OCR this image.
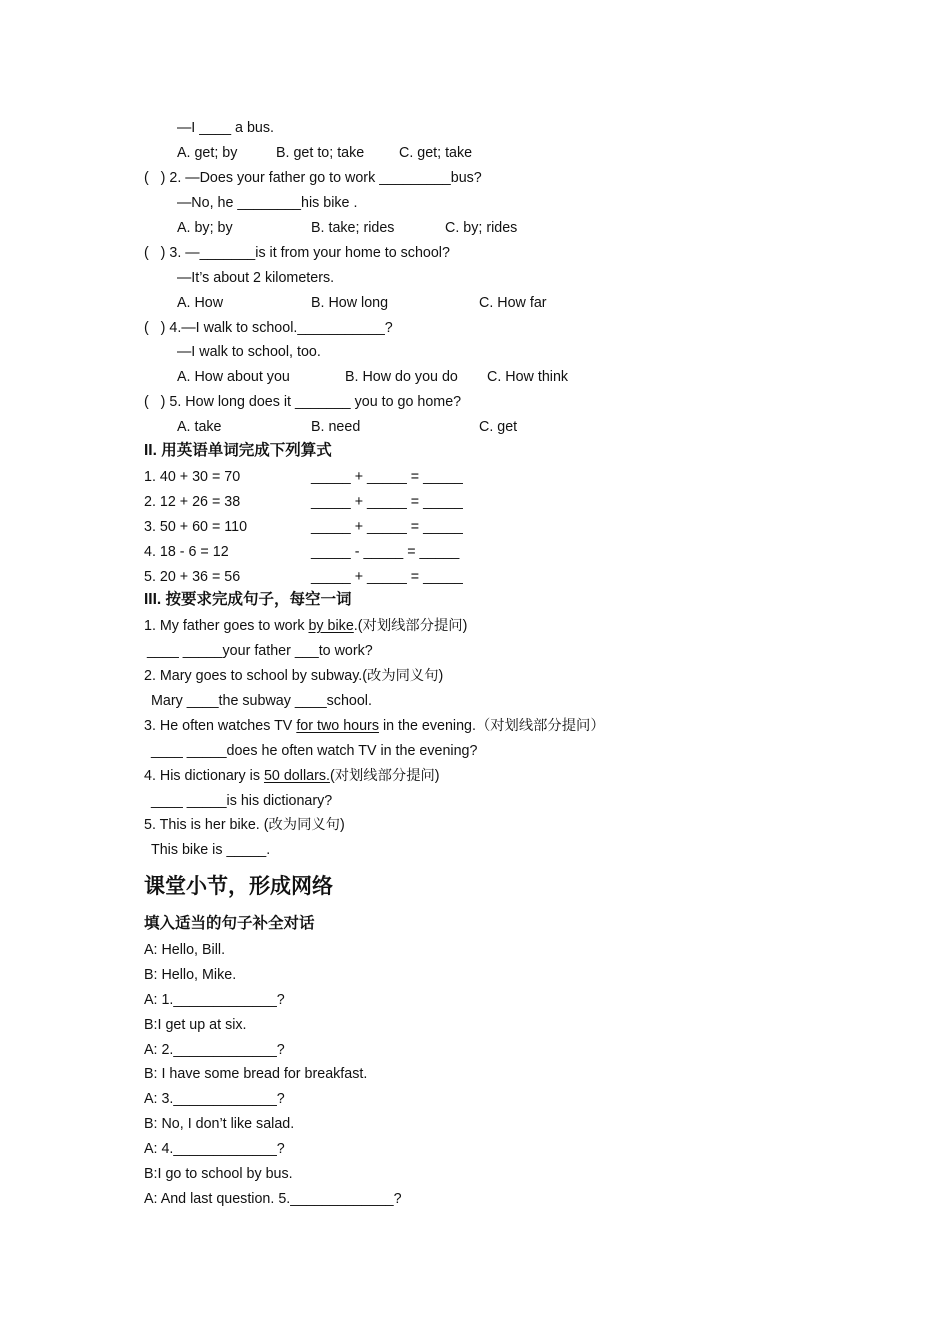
—I ____ a bus.
A. get; by	B. get to; take C. get; take
(   ) 2. —Does your father go to work _________bus?
—No, he ________his bike .
A. by; by	B. take; rides	C. by; rides
(   ) 3. —_______is it from your home to school?
—It’s about 2 kilometers.
A. How	B. How long	C. How far
(   ) 4.—I walk to school.___________?
—I walk to school, too.
A. How about you	B. How do you do C. How think
(   ) 5. How long does it _______ you to go home?
A. take	B. need	C. get
II. 用英语单词完成下列算式
1. 40 + 30 = 70	_____ + _____ = _____
2. 12 + 26 = 38	_____ + _____ = _____
3. 50 + 60 = 110	_____ + _____ = _____
4. 18 - 6 = 12	_____ - _____ = _____
5. 20 + 36 = 56	_____ + _____ = _____
III. 按要求完成句子，每空一词
1. My father goes to work by bike.(对划线部分提问)
____ _____your father ___to work?
2. Mary goes to school by subway.(改为同义句)
Mary ____the subway ____school.
3. He often watches TV for two hours in the evening.（对划线部分提问）
____ _____does he often watch TV in the evening?
4. His dictionary is 50 dollars.(对划线部分提问)
____ _____is his dictionary?
5. This is her bike. (改为同义句)
This bike is _____.
课堂小节，形成网络
填入适当的句子补全对话
A: Hello, Bill.
B: Hello, Mike.
A: 1._____________?
B:I get up at six.
A: 2._____________?
B: I have some bread for breakfast.
A: 3._____________?
B: No, I don’t like salad.
A: 4._____________?
B:I go to school by bus.
A: And last question. 5._____________?
